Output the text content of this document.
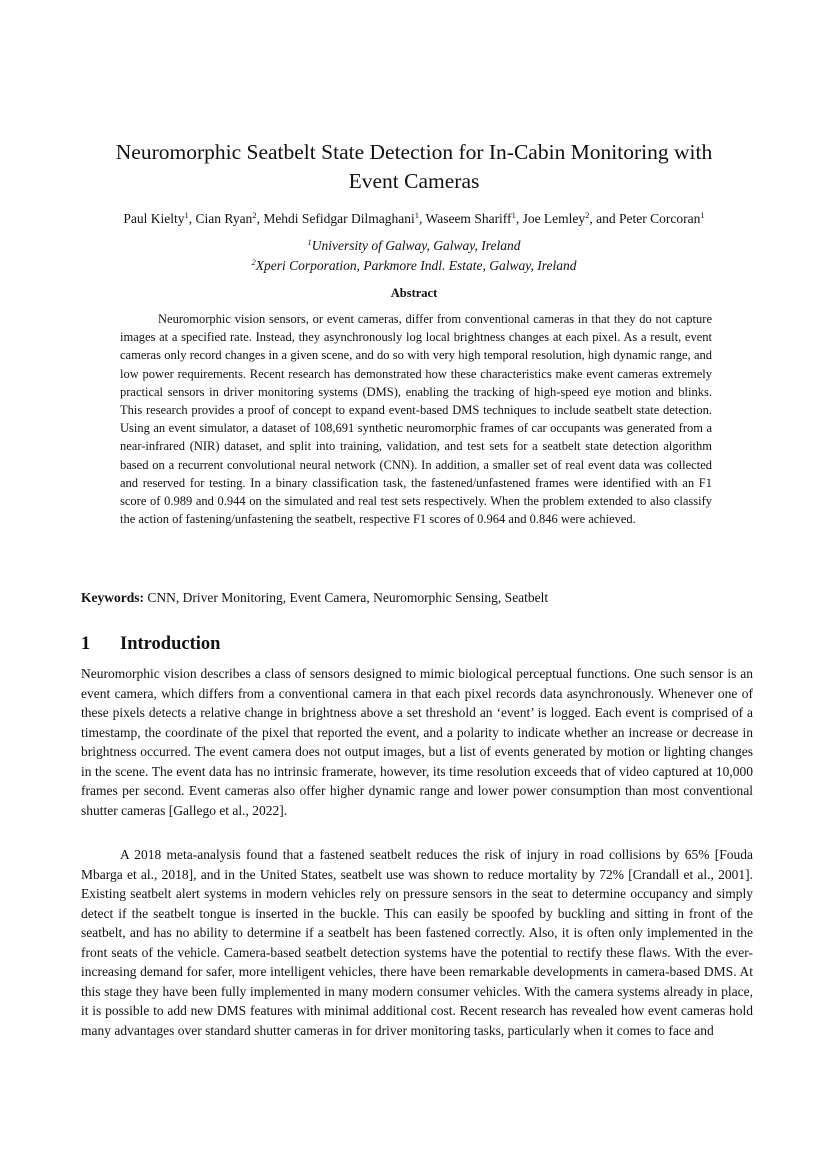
Neuromorphic Seatbelt State Detection for In-Cabin Monitoring with
Event Cameras
Paul Kielty$^1$, Cian Ryan$^2$, Mehdi Sefidgar Dilmaghani$^1$, Waseem Shariff$^1$, Joe Lemley$^2$, and Peter Corcoran$^1$
$^1$University of Galway, Galway, Ireland
$^2$Xperi Corporation, Parkmore Indl. Estate, Galway, Ireland
Abstract

Neuromorphic vision sensors, or event cameras, differ from conventional cameras in that they do not capture images at a specified rate. Instead, they asynchronously log local brightness changes at each pixel. As a result, event cameras only record changes in a given scene, and do so with very high temporal resolution, high dynamic range, and low power requirements. Recent research has demonstrated how these characteristics make event cameras extremely practical sensors in driver monitoring systems (DMS), enabling the tracking of high-speed eye motion and blinks. This research provides a proof of concept to expand event-based DMS techniques to include seatbelt state detection. Using an event simulator, a dataset of 108,691 synthetic neuromorphic frames of car occupants was generated from a near-infrared (NIR) dataset, and split into training, validation, and test sets for a seatbelt state detection algorithm based on a recurrent convolutional neural network (CNN). In addition, a smaller set of real event data was collected and reserved for testing. In a binary classification task, the fastened/unfastened frames were identified with an F1 score of 0.989 and 0.944 on the simulated and real test sets respectively. When the problem extended to also classify the action of fastening/unfastening the seatbelt, respective F1 scores of 0.964 and 0.846 were achieved.

Keywords: CNN, Driver Monitoring, Event Camera, Neuromorphic Sensing, Seatbelt
1 Introduction

Neuromorphic vision describes a class of sensors designed to mimic biological perceptual functions. One such sensor is an event camera, which differs from a conventional camera in that each pixel records data asynchronously. Whenever one of these pixels detects a relative change in brightness above a set threshold an ‘event’ is logged. Each event is comprised of a timestamp, the coordinate of the pixel that reported the event, and a polarity to indicate whether an increase or decrease in brightness occurred. The event camera does not output images, but a list of events generated by motion or lighting changes in the scene. The event data has no intrinsic framerate, however, its time resolution exceeds that of video captured at 10,000 frames per second. Event cameras also offer higher dynamic range and lower power consumption than most conventional shutter cameras [Gallego et al., 2022].

A 2018 meta-analysis found that a fastened seatbelt reduces the risk of injury in road collisions by 65% [Fouda Mbarga et al., 2018], and in the United States, seatbelt use was shown to reduce mortality by 72% [Crandall et al., 2001]. Existing seatbelt alert systems in modern vehicles rely on pressure sensors in the seat to determine occupancy and simply detect if the seatbelt tongue is inserted in the buckle. This can easily be spoofed by buckling and sitting in front of the seatbelt, and has no ability to determine if a seatbelt has been fastened correctly. Also, it is often only implemented in the front seats of the vehicle. Camera-based seatbelt detection systems have the potential to rectify these flaws. With the ever-increasing demand for safer, more intelligent vehicles, there have been remarkable developments in camera-based DMS. At this stage they have been fully implemented in many modern consumer vehicles. With the camera systems already in place, it is possible to add new DMS features with minimal additional cost. Recent research has revealed how event cameras hold many advantages over standard shutter cameras in for driver monitoring tasks, particularly when it comes to face and
